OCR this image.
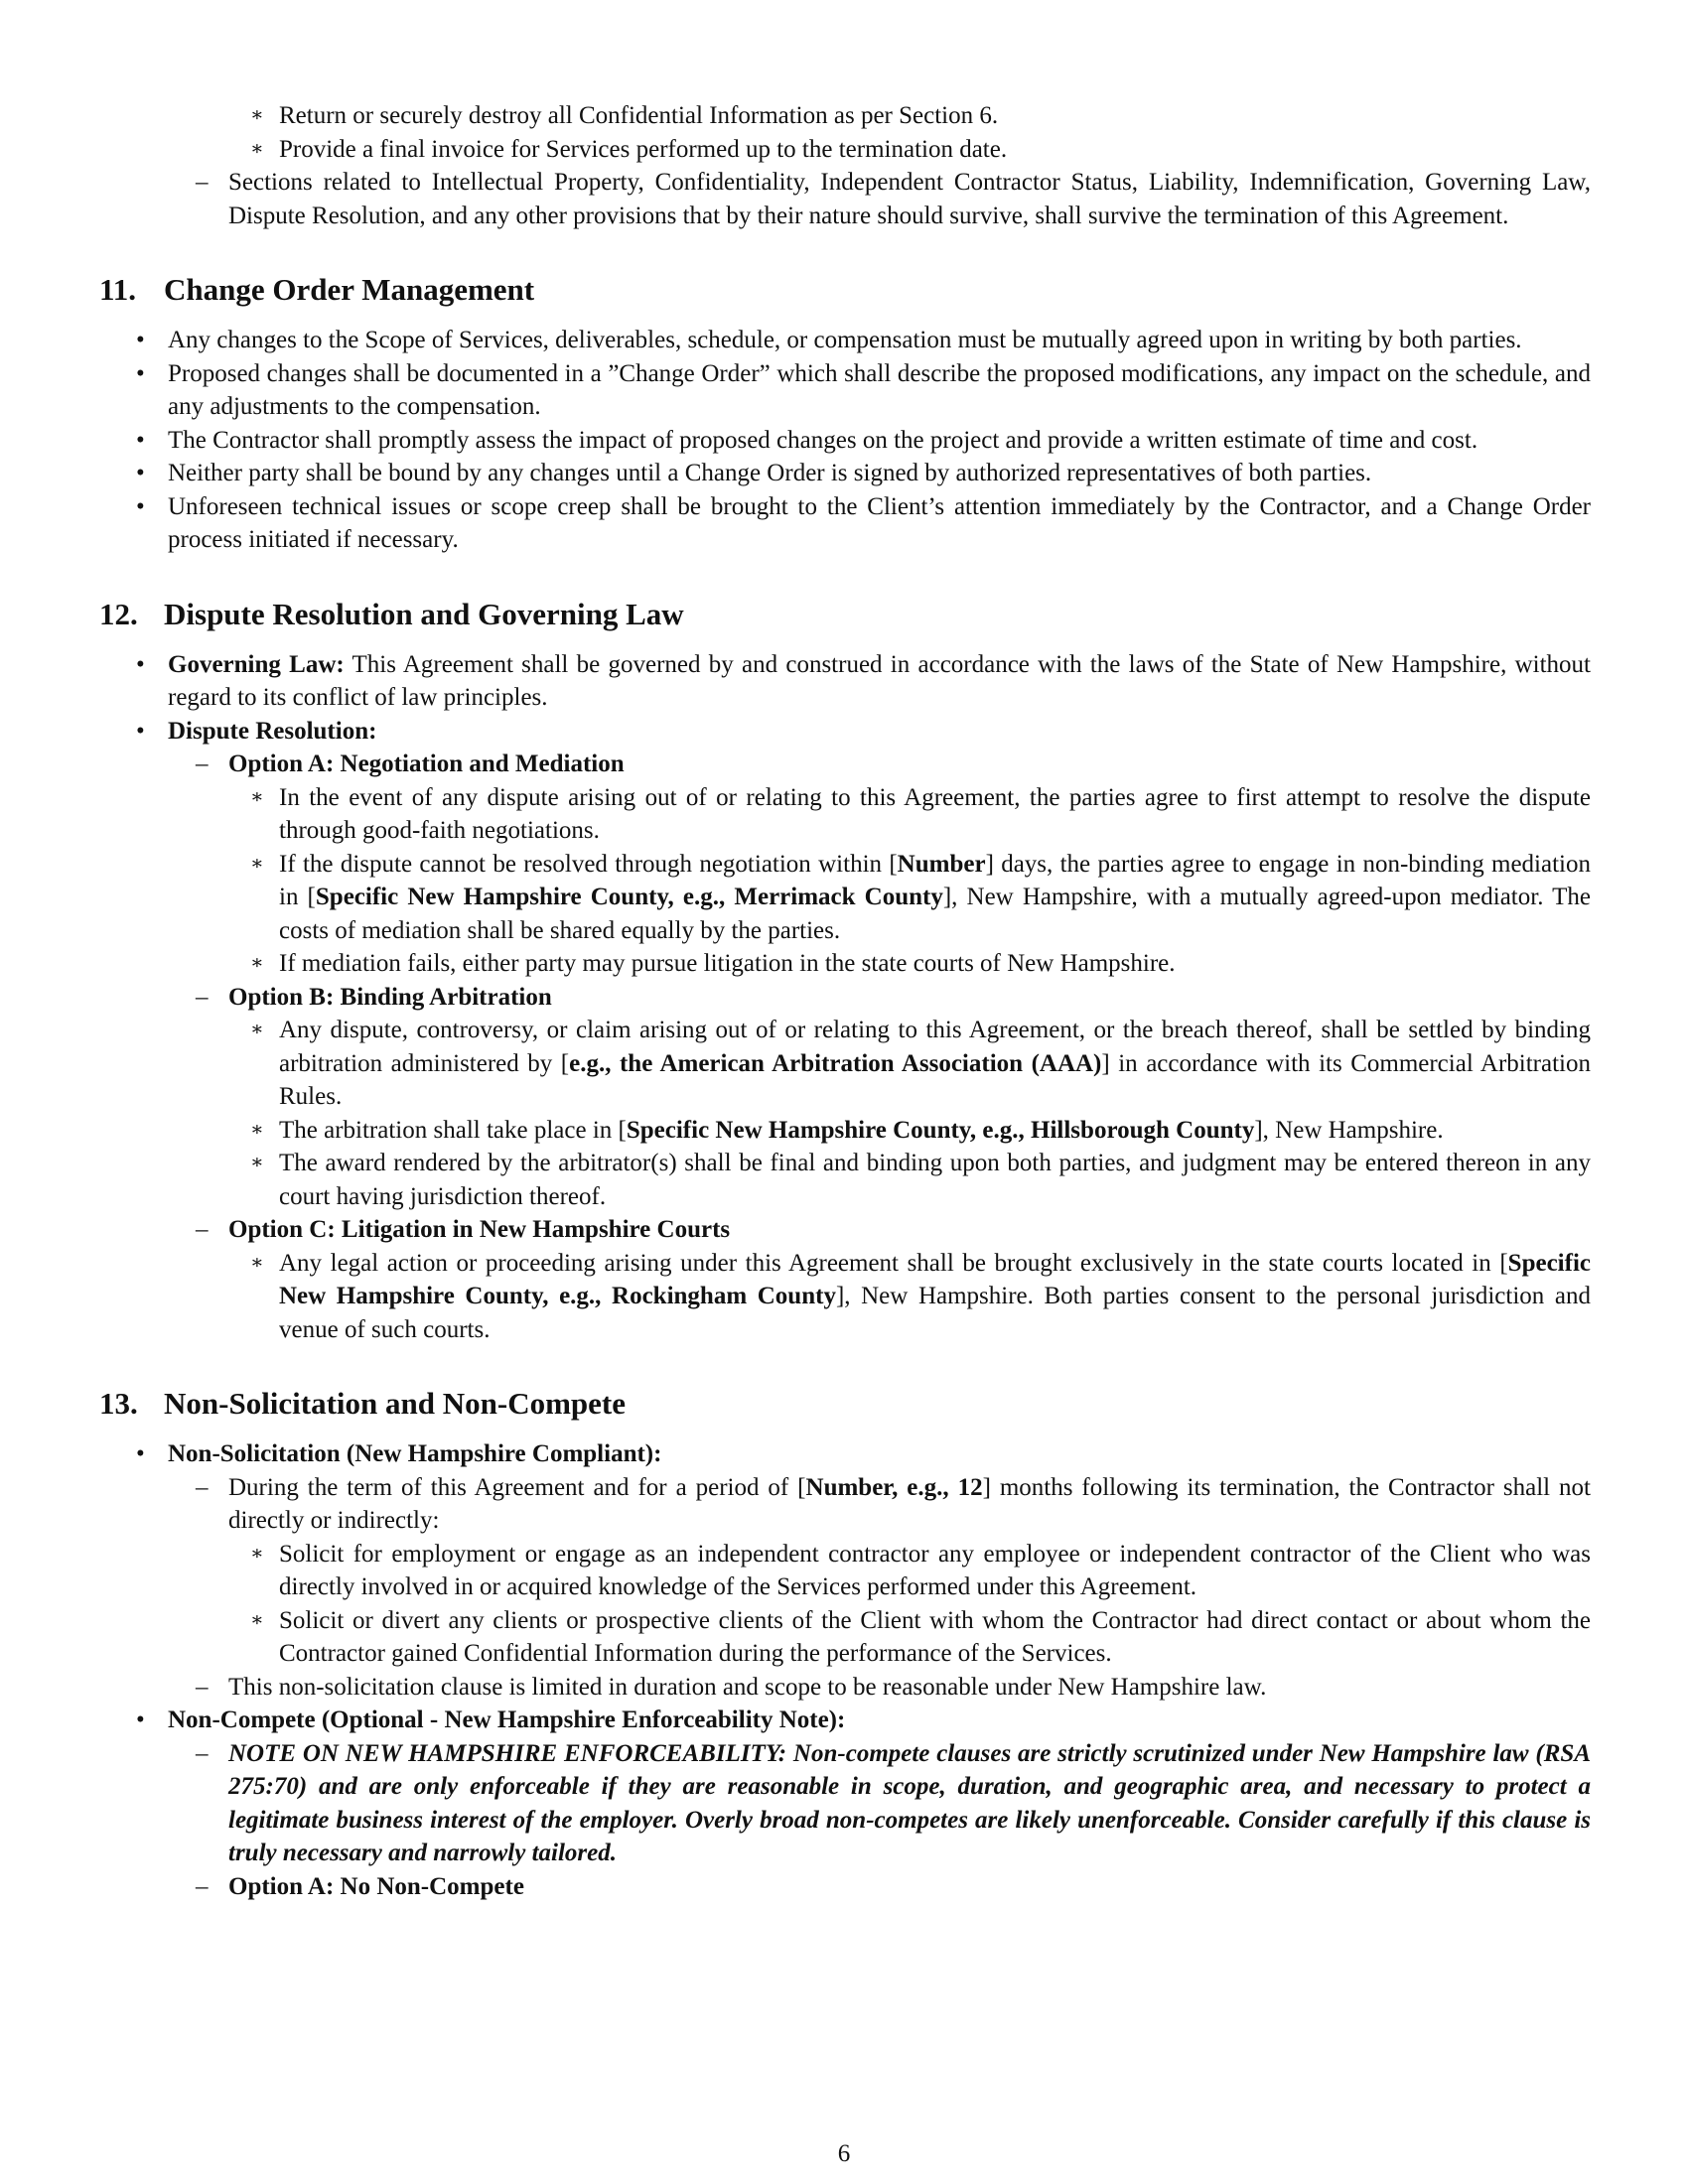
∗ Return or securely destroy all Confidential Information as per Section 6.
∗ Provide a final invoice for Services performed up to the termination date.
– Sections related to Intellectual Property, Confidentiality, Independent Contractor Status, Liability, Indemnification, Governing Law, Dispute Resolution, and any other provisions that by their nature should survive, shall survive the termination of this Agreement.
11. Change Order Management
• Any changes to the Scope of Services, deliverables, schedule, or compensation must be mutually agreed upon in writing by both parties.
• Proposed changes shall be documented in a ”Change Order” which shall describe the proposed modifications, any impact on the schedule, and any adjustments to the compensation.
• The Contractor shall promptly assess the impact of proposed changes on the project and provide a written estimate of time and cost.
• Neither party shall be bound by any changes until a Change Order is signed by authorized representatives of both parties.
• Unforeseen technical issues or scope creep shall be brought to the Client’s attention immediately by the Contractor, and a Change Order process initiated if necessary.
12. Dispute Resolution and Governing Law
• Governing Law: This Agreement shall be governed by and construed in accordance with the laws of the State of New Hampshire, without regard to its conflict of law principles.
• Dispute Resolution:
– Option A: Negotiation and Mediation
∗ In the event of any dispute arising out of or relating to this Agreement, the parties agree to first attempt to resolve the dispute through good-faith negotiations.
∗ If the dispute cannot be resolved through negotiation within [Number] days, the parties agree to engage in non-binding mediation in [Specific New Hampshire County, e.g., Merrimack County], New Hampshire, with a mutually agreed-upon mediator. The costs of mediation shall be shared equally by the parties.
∗ If mediation fails, either party may pursue litigation in the state courts of New Hampshire.
– Option B: Binding Arbitration
∗ Any dispute, controversy, or claim arising out of or relating to this Agreement, or the breach thereof, shall be settled by binding arbitration administered by [e.g., the American Arbitration Association (AAA)] in accordance with its Commercial Arbitration Rules.
∗ The arbitration shall take place in [Specific New Hampshire County, e.g., Hillsborough County], New Hampshire.
∗ The award rendered by the arbitrator(s) shall be final and binding upon both parties, and judgment may be entered thereon in any court having jurisdiction thereof.
– Option C: Litigation in New Hampshire Courts
∗ Any legal action or proceeding arising under this Agreement shall be brought exclusively in the state courts located in [Specific New Hampshire County, e.g., Rockingham County], New Hampshire. Both parties consent to the personal jurisdiction and venue of such courts.
13. Non-Solicitation and Non-Compete
• Non-Solicitation (New Hampshire Compliant):
– During the term of this Agreement and for a period of [Number, e.g., 12] months following its termination, the Contractor shall not directly or indirectly:
∗ Solicit for employment or engage as an independent contractor any employee or independent contractor of the Client who was directly involved in or acquired knowledge of the Services performed under this Agreement.
∗ Solicit or divert any clients or prospective clients of the Client with whom the Contractor had direct contact or about whom the Contractor gained Confidential Information during the performance of the Services.
– This non-solicitation clause is limited in duration and scope to be reasonable under New Hampshire law.
• Non-Compete (Optional - New Hampshire Enforceability Note):
– NOTE ON NEW HAMPSHIRE ENFORCEABILITY: Non-compete clauses are strictly scrutinized under New Hampshire law (RSA 275:70) and are only enforceable if they are reasonable in scope, duration, and geographic area, and necessary to protect a legitimate business interest of the employer. Overly broad non-competes are likely unenforceable. Consider carefully if this clause is truly necessary and narrowly tailored.
– Option A: No Non-Compete
6
